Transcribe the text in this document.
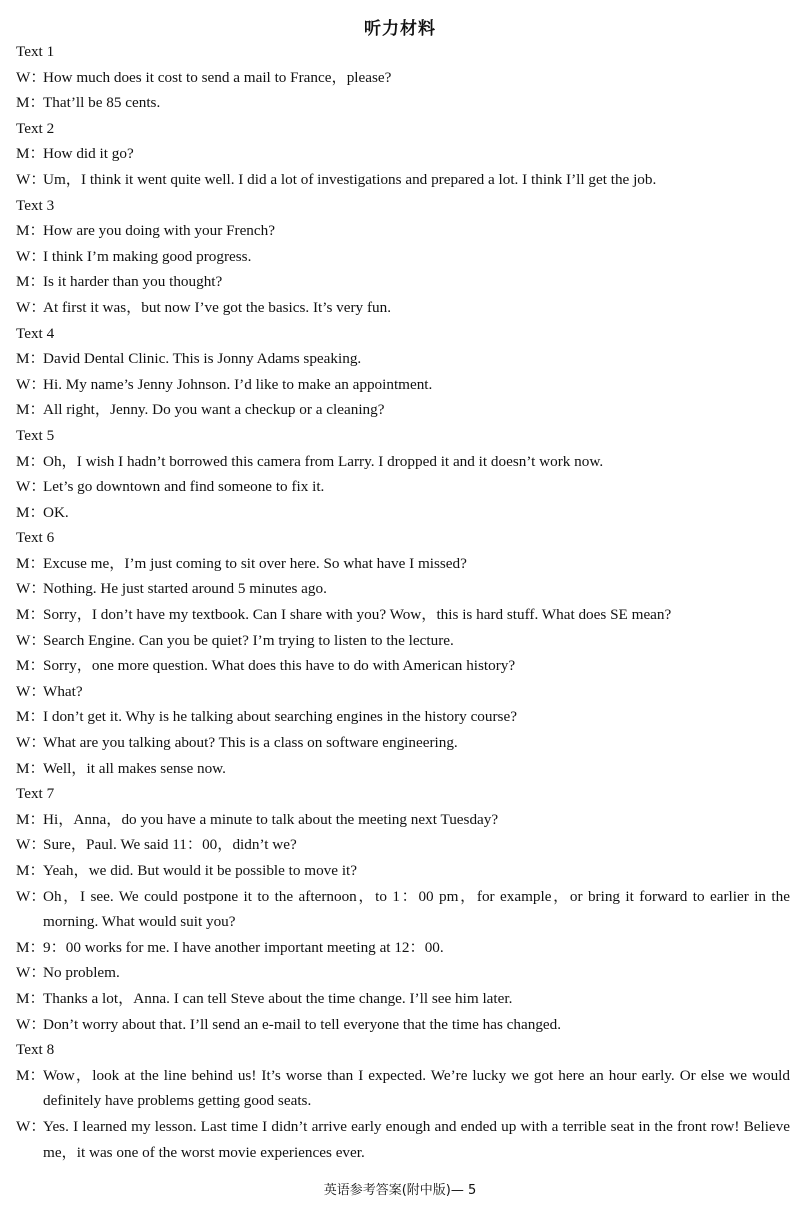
听力材料
Text 1
W：How much does it cost to send a mail to France，please?
M：That’ll be 85 cents.
Text 2
M：How did it go?
W：Um，I think it went quite well. I did a lot of investigations and prepared a lot. I think I’ll get the job.
Text 3
M：How are you doing with your French?
W：I think I’m making good progress.
M：Is it harder than you thought?
W：At first it was，but now I’ve got the basics. It’s very fun.
Text 4
M：David Dental Clinic. This is Jonny Adams speaking.
W：Hi. My name’s Jenny Johnson. I’d like to make an appointment.
M：All right，Jenny. Do you want a checkup or a cleaning?
Text 5
M：Oh，I wish I hadn’t borrowed this camera from Larry. I dropped it and it doesn’t work now.
W：Let’s go downtown and find someone to fix it.
M：OK.
Text 6
M：Excuse me，I’m just coming to sit over here. So what have I missed?
W：Nothing. He just started around 5 minutes ago.
M：Sorry，I don’t have my textbook. Can I share with you? Wow，this is hard stuff. What does SE mean?
W：Search Engine. Can you be quiet? I’m trying to listen to the lecture.
M：Sorry，one more question. What does this have to do with American history?
W：What?
M：I don’t get it. Why is he talking about searching engines in the history course?
W：What are you talking about? This is a class on software engineering.
M：Well，it all makes sense now.
Text 7
M：Hi，Anna，do you have a minute to talk about the meeting next Tuesday?
W：Sure，Paul. We said 11：00，didn’t we?
M：Yeah，we did. But would it be possible to move it?
W：
Oh，I see. We could postpone it to the afternoon，to 1：00 pm，for example，or bring it forward to earlier in the morning. What would suit you?
M：9：00 works for me. I have another important meeting at 12：00.
W：No problem.
M：Thanks a lot，Anna. I can tell Steve about the time change. I’ll see him later.
W：Don’t worry about that. I’ll send an e-mail to tell everyone that the time has changed.
Text 8
M：
Wow，look at the line behind us! It’s worse than I expected. We’re lucky we got here an hour early. Or else we would definitely have problems getting good seats.
W：
Yes. I learned my lesson. Last time I didn’t arrive early enough and ended up with a terrible seat in the front row! Believe me，it was one of the worst movie experiences ever.
英语参考答案(附中版)— 5
